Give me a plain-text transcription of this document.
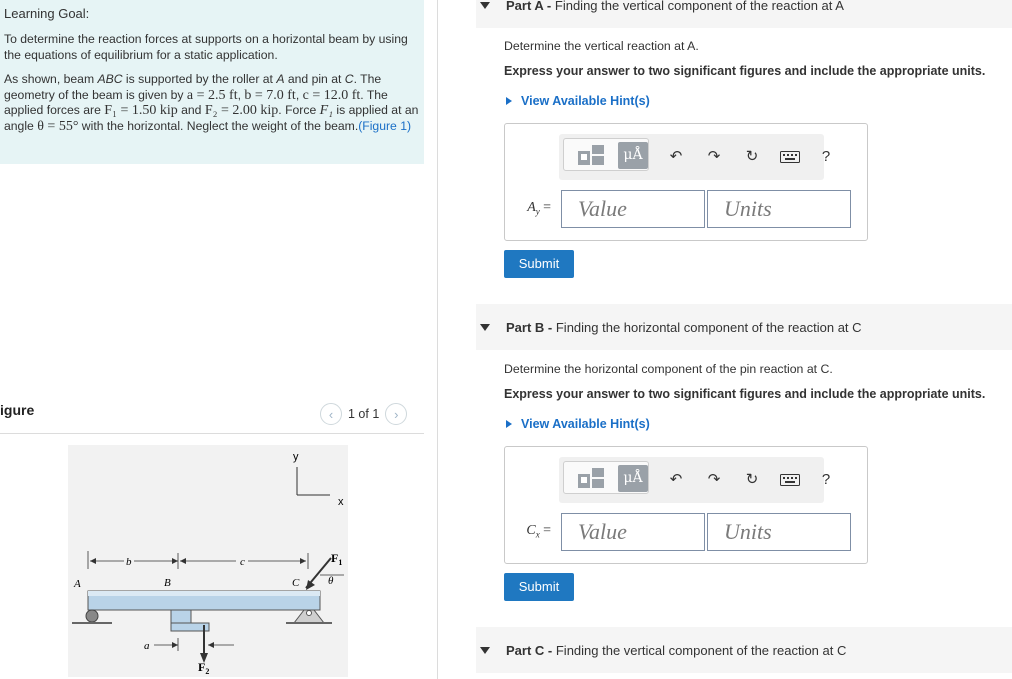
Learning Goal:

To determine the reaction forces at supports on a horizontal beam by using the equations of equilibrium for a static application.

As shown, beam ABC is supported by the roller at A and pin at C. The geometry of the beam is given by a = 2.5 ft, b = 7.0 ft, c = 12.0 ft. The applied forces are F₁ = 1.50 kip and F₂ = 2.00 kip. Force F₁ is applied at an angle θ = 55° with the horizontal. Neglect the weight of the beam.(Figure 1)

igure	‹	1 of 1	›
y
x
b	c
A	B	C
$F_1$
θ
$F_2$
a
Part A - Finding the vertical component of the reaction at A
Determine the vertical reaction at A.
Express your answer to two significant figures and include the appropriate units.
View Available Hint(s)
μÅ	↶	↷	↻	?
$A_y$ =	Value	Units
Submit
Part B - Finding the horizontal component of the reaction at C
Determine the horizontal component of the pin reaction at C.
Express your answer to two significant figures and include the appropriate units.
View Available Hint(s)
μÅ	↶	↷	↻	?
$C_x$ =	Value	Units
Submit
Part C - Finding the vertical component of the reaction at C
